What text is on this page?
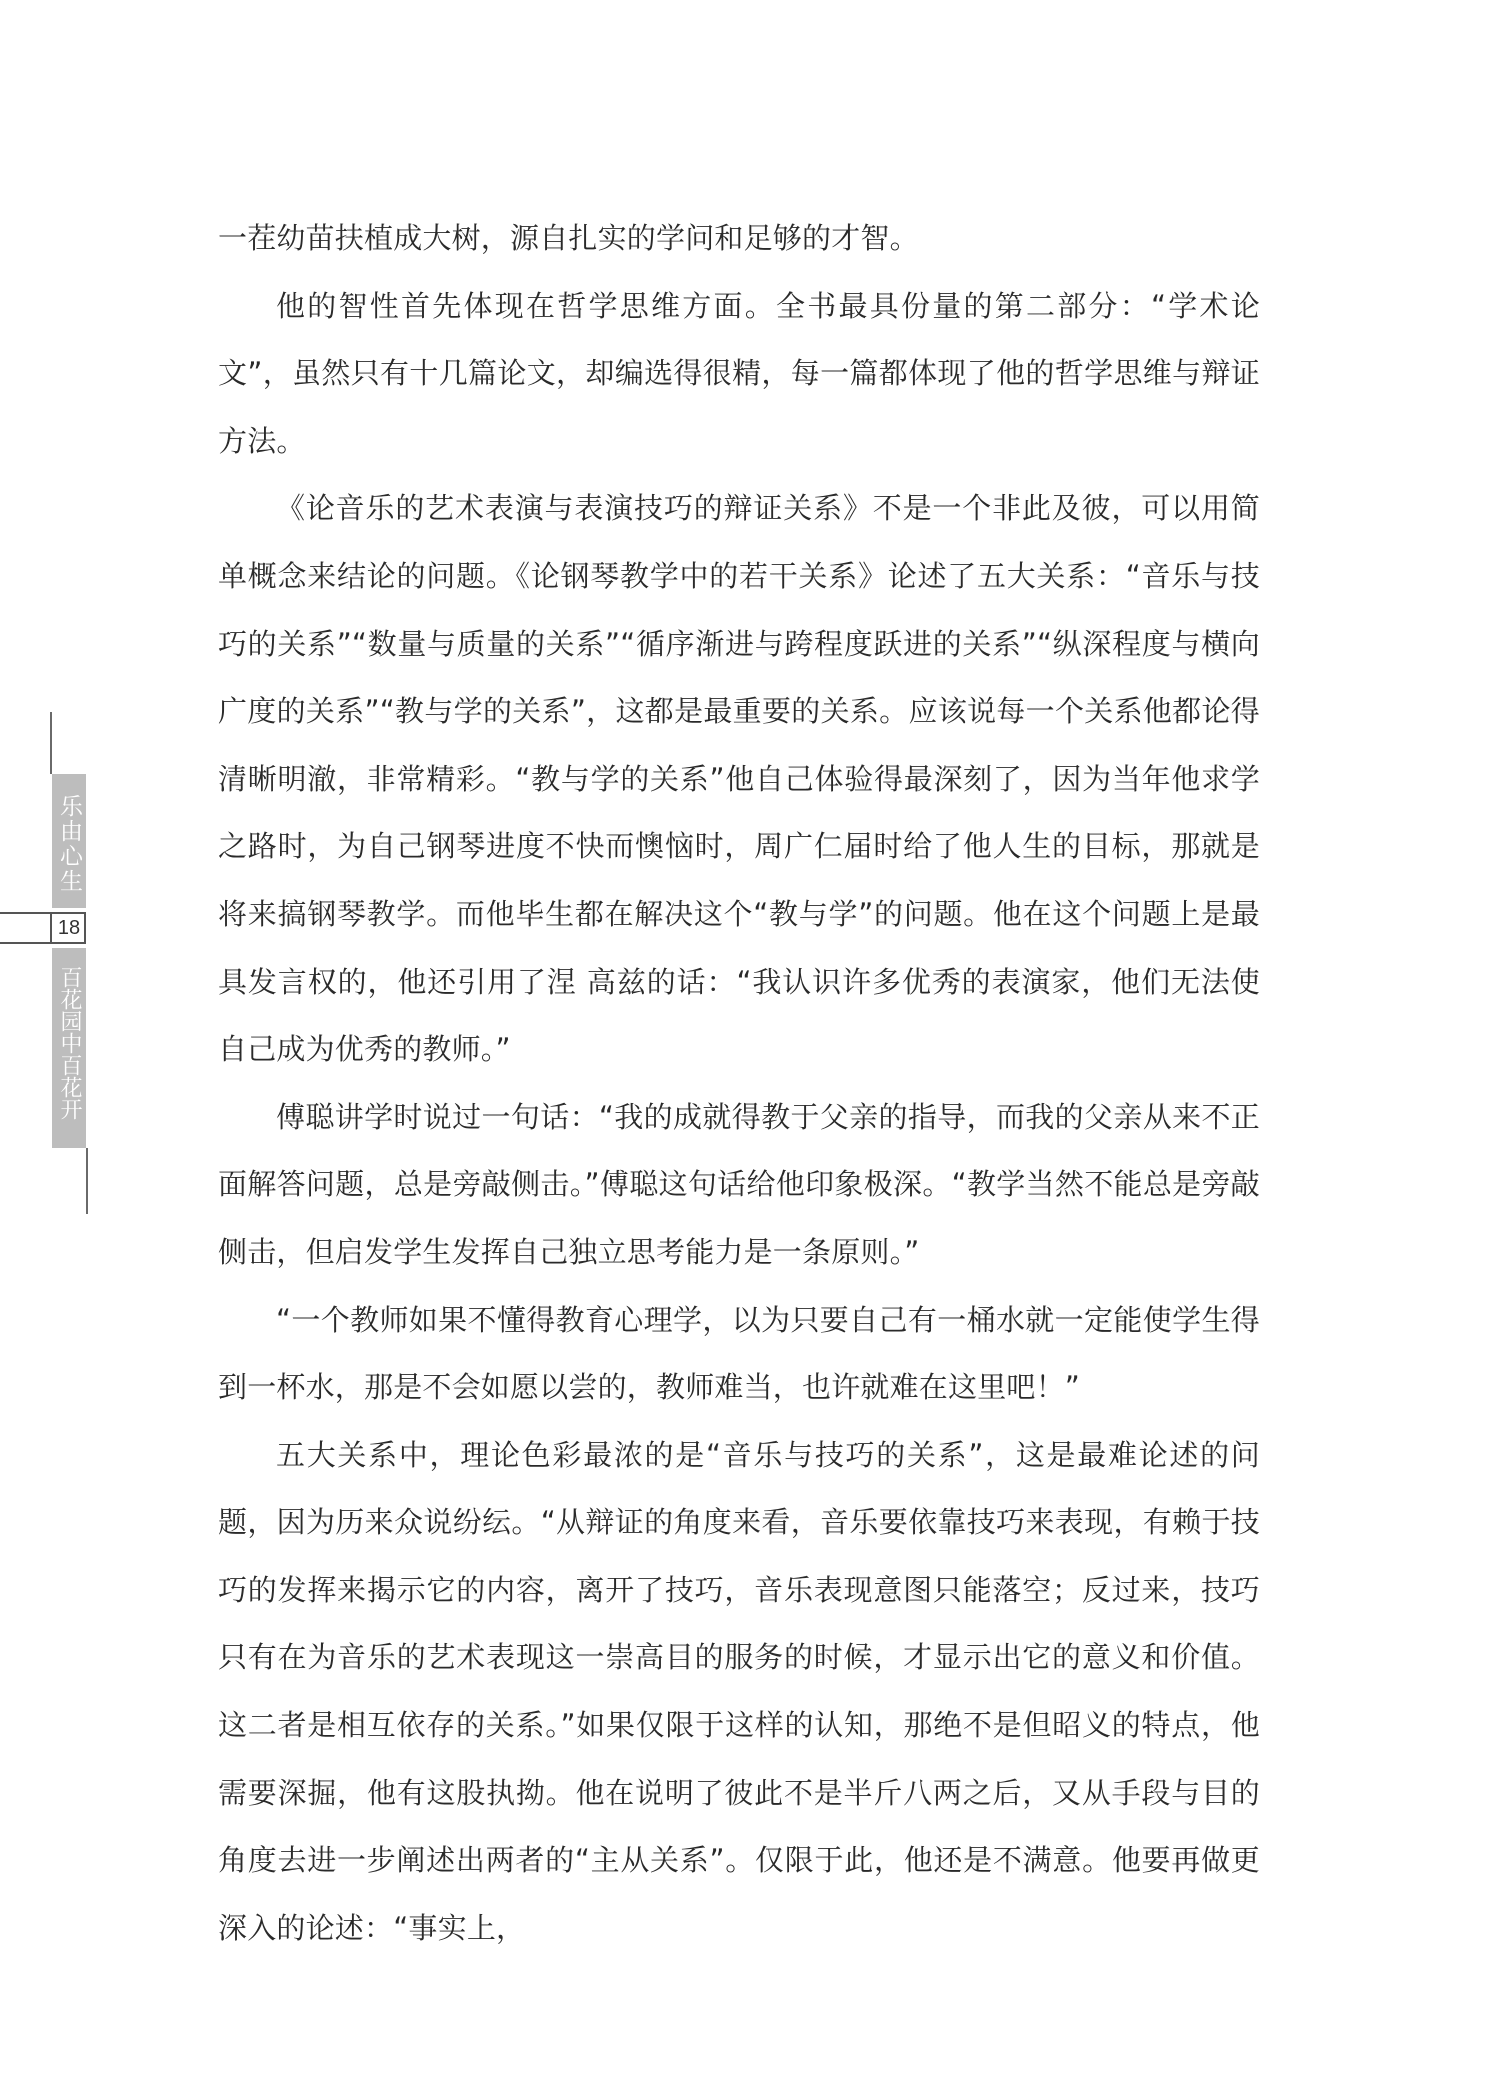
乐由心生
18
百花园中百花开

一茬幼苗扶植成大树，源自扎实的学问和足够的才智。

他的智性首先体现在哲学思维方面。全书最具份量的第二部分：“学术论文”，虽然只有十几篇论文，却编选得很精，每一篇都体现了他的哲学思维与辩证方法。

《论音乐的艺术表演与表演技巧的辩证关系》不是一个非此及彼，可以用简单概念来结论的问题。《论钢琴教学中的若干关系》论述了五大关系：“音乐与技巧的关系”“数量与质量的关系”“循序渐进与跨程度跃进的关系”“纵深程度与横向广度的关系”“教与学的关系”，这都是最重要的关系。应该说每一个关系他都论得清晰明澈，非常精彩。“教与学的关系”他自己体验得最深刻了，因为当年他求学之路时，为自己钢琴进度不快而懊恼时，周广仁届时给了他人生的目标，那就是将来搞钢琴教学。而他毕生都在解决这个“教与学”的问题。他在这个问题上是最具发言权的，他还引用了涅 高兹的话：“我认识许多优秀的表演家，他们无法使自己成为优秀的教师。”

傅聪讲学时说过一句话：“我的成就得教于父亲的指导，而我的父亲从来不正面解答问题，总是旁敲侧击。”傅聪这句话给他印象极深。“教学当然不能总是旁敲侧击，但启发学生发挥自己独立思考能力是一条原则。”

“一个教师如果不懂得教育心理学，以为只要自己有一桶水就一定能使学生得到一杯水，那是不会如愿以尝的，教师难当，也许就难在这里吧！”

五大关系中，理论色彩最浓的是“音乐与技巧的关系”，这是最难论述的问题，因为历来众说纷纭。“从辩证的角度来看，音乐要依靠技巧来表现，有赖于技巧的发挥来揭示它的内容，离开了技巧，音乐表现意图只能落空；反过来，技巧只有在为音乐的艺术表现这一崇高目的服务的时候，才显示出它的意义和价值。这二者是相互依存的关系。”如果仅限于这样的认知，那绝不是但昭义的特点，他需要深掘，他有这股执拗。他在说明了彼此不是半斤八两之后，又从手段与目的角度去进一步阐述出两者的“主从关系”。仅限于此，他还是不满意。他要再做更深入的论述：“事实上，
